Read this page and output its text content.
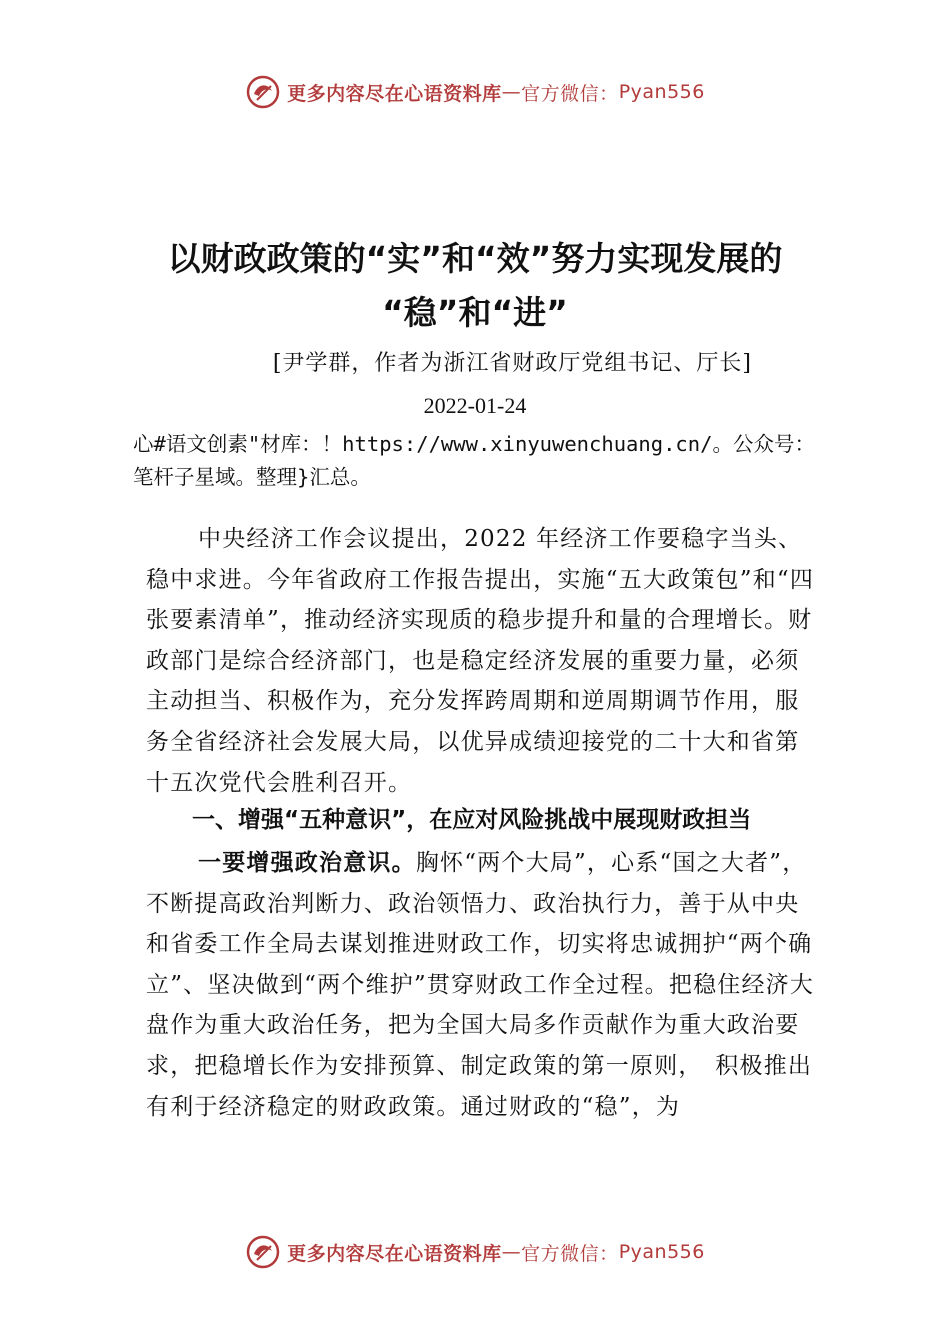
更多内容尽在心语资料库 — 官方微信： Pyan556
以财政政策的“实”和“效”努力实现发展的
“稳”和“进”
[尹学群，作者为浙江省财政厅党组书记、厅长]
2022-01-24
心#语文创素"材库：！https://www.xinyuwenchuang.cn/。公众号：笔杆子星域。整理}汇总。
中央经济工作会议提出，2022 年经济工作要稳字当头、稳中求进。今年省政府工作报告提出，实施“五大政策包”和“四张要素清单”，推动经济实现质的稳步提升和量的合理增长。财政部门是综合经济部门，也是稳定经济发展的重要力量，必须主动担当、积极作为，充分发挥跨周期和逆周期调节作用，服务全省经济社会发展大局，以优异成绩迎接党的二十大和省第十五次党代会胜利召开。
一、增强“五种意识”，在应对风险挑战中展现财政担当
一要增强政治意识。胸怀“两个大局”，心系“国之大者”，不断提高政治判断力、政治领悟力、政治执行力，善于从中央和省委工作全局去谋划推进财政工作，切实将忠诚拥护“两个确立”、坚决做到“两个维护”贯穿财政工作全过程。把稳住经济大盘作为重大政治任务，把为全国大局多作贡献作为重大政治要求，把稳增长作为安排预算、制定政策的第一原则，　积极推出有利于经济稳定的财政政策。通过财政的“稳”，为
更多内容尽在心语资料库 — 官方微信： Pyan556
